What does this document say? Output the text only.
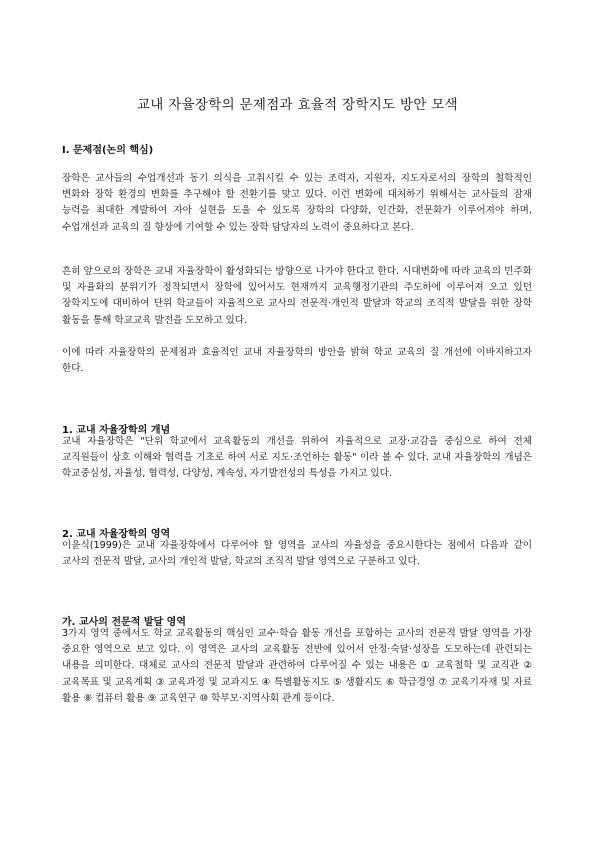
교내 자율장학의 문제점과 효율적 장학지도 방안 모색
Ⅰ. 문제점(논의 핵심)

장학은 교사들의 수업개선과 동기 의식을 고취시킬 수 있는 조력자, 지원자, 지도자로서의 장학의 철학적인 변화와 장학 환경의 변화를 추구해야 할 전환기를 맞고 있다. 이런 변화에 대처하기 위해서는 교사들의 잠재 능력을 최대한 계발하여 자아 실현을 도울 수 있도록 장학의 다양화, 인간화, 전문화가 이루어져야 하며, 수업개선과 교육의 질 향상에 기여할 수 있는 장학 담당자의 노력이 중요하다고 본다.

흔히 앞으로의 장학은 교내 자율장학이 활성화되는 방향으로 나가야 한다고 한다. 시대변화에 따라 교육의 민주화 및 자율화의 분위기가 정착되면서 장학에 있어서도 현재까지 교육행정기관의 주도하에 이루어져 오고 있던 장학지도에 대비하여 단위 학교들이 자율적으로 교사의 전문적·개인적 발달과 학교의 조직적 발달을 위한 장학 활동을 통해 학교교육 발전을 도모하고 있다.

이에 따라 자율장학의 문제점과 효율적인 교내 자율장학의 방안을 밝혀 학교 교육의 질 개선에 이바지하고자 한다.

1. 교내 자율장학의 개념

교내 자율장학은 "단위 학교에서 교육활동의 개선을 위하여 자율적으로 교장·교감을 중심으로 하여 전체 교직원들이 상호 이해와 협력을 기초로 하여 서로 지도·조언하는 활동" 이라 볼 수 있다. 교내 자율장학의 개념은 학교중심성, 자율성, 협력성, 다양성, 계속성, 자기발전성의 특성을 가지고 있다.

2. 교내 자율장학의 영역

이윤식(1999)은 교내 자율장학에서 다루어야 할 영역을 교사의 자율성을 중요시한다는 점에서 다음과 같이 교사의 전문적 발달, 교사의 개인적 발달, 학교의 조직적 발달 영역으로 구분하고 있다.

가. 교사의 전문적 발달 영역

3가지 영역 중에서도 학교 교육활동의 핵심인 교수·학습 활동 개선을 포함하는 교사의 전문적 발달 영역을 가장 중요한 영역으로 보고 있다. 이 영역은 교사의 교육활동 전반에 있어서 안정·숙달·성장을 도모하는데 관련되는 내용을 의미한다. 대체로 교사의 전문적 발달과 관련하여 다루어질 수 있는 내용은 ① 교육철학 및 교직관 ② 교육목표 및 교육계획 ③ 교육과정 및 교과지도 ④ 특별활동지도 ⑤ 생활지도 ⑥ 학급경영 ⑦ 교육기자재 및 자료 활용 ⑧ 컴퓨터 활용 ⑨ 교육연구 ⑩ 학부모·지역사회 관계 등이다.
